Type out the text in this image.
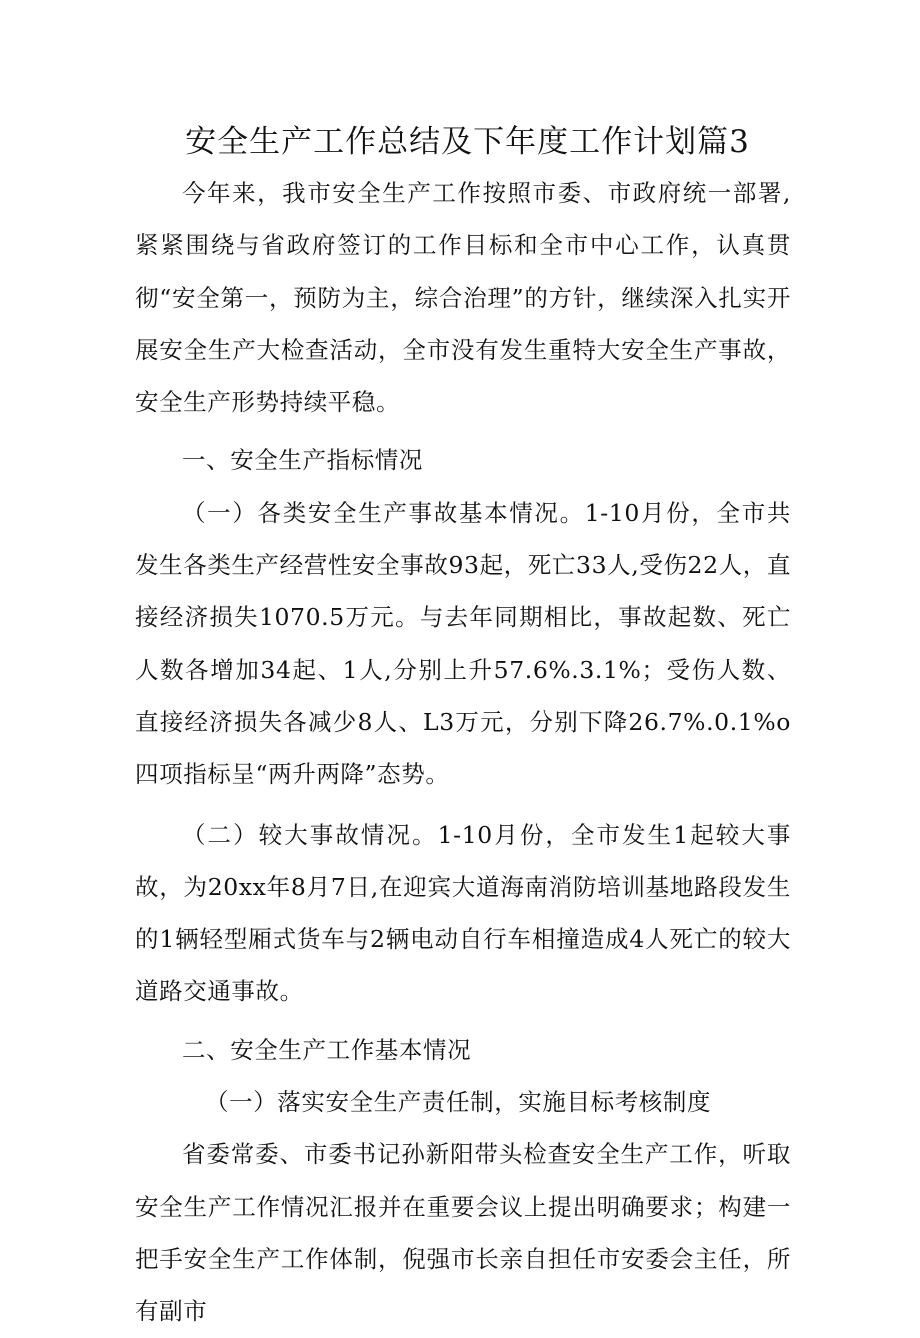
安全生产工作总结及下年度工作计划篇3

今年来，我市安全生产工作按照市委、市政府统一部署,紧紧围绕与省政府签订的工作目标和全市中心工作，认真贯彻“安全第一，预防为主，综合治理”的方针，继续深入扎实开展安全生产大检查活动，全市没有发生重特大安全生产事故，安全生产形势持续平稳。

一、安全生产指标情况

（一）各类安全生产事故基本情况。1-10月份，全市共发生各类生产经营性安全事故93起，死亡33人,受伤22人，直接经济损失1070.5万元。与去年同期相比，事故起数、死亡人数各增加34起、1人,分别上升57.6%.3.1%；受伤人数、直接经济损失各减少8人、L3万元，分别下降26.7%.0.1%o四项指标呈“两升两降”态势。

（二）较大事故情况。1-10月份，全市发生1起较大事故，为20xx年8月7日,在迎宾大道海南消防培训基地路段发生的1辆轻型厢式货车与2辆电动自行车相撞造成4人死亡的较大道路交通事故。

二、安全生产工作基本情况

（一）落实安全生产责任制，实施目标考核制度

省委常委、市委书记孙新阳带头检查安全生产工作，听取安全生产工作情况汇报并在重要会议上提出明确要求；构建一把手安全生产工作体制，倪强市长亲自担任市安委会主任，所有副市
